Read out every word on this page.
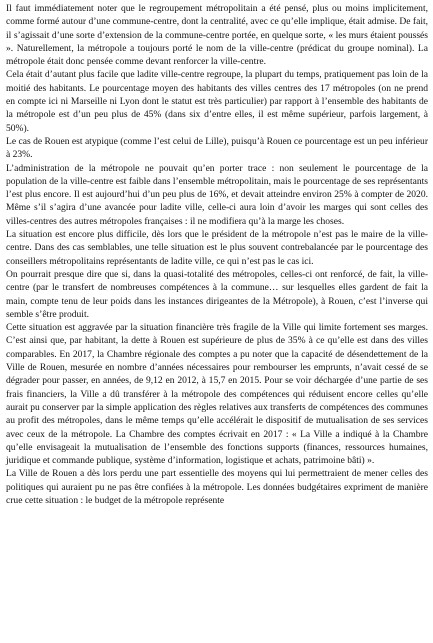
Il faut immédiatement noter que le regroupement métropolitain a été pensé, plus ou moins implicitement, comme formé autour d’une commune-centre, dont la centralité, avec ce qu’elle implique, était admise. De fait, il s’agissait d’une sorte d’extension de la commune-centre portée, en quelque sorte, « les murs étaient poussés ». Naturellement, la métropole a toujours porté le nom de la ville-centre (prédicat du groupe nominal). La métropole était donc pensée comme devant renforcer la ville-centre.

Cela était d’autant plus facile que ladite ville-centre regroupe, la plupart du temps, pratiquement pas loin de la moitié des habitants. Le pourcentage moyen des habitants des villes centres des 17 métropoles (on ne prend en compte ici ni Marseille ni Lyon dont le statut est très particulier) par rapport à l’ensemble des habitants de la métropole est d’un peu plus de 45% (dans six d’entre elles, il est même supérieur, parfois largement, à 50%).

Le cas de Rouen est atypique (comme l’est celui de Lille), puisqu’à Rouen ce pourcentage est un peu inférieur à 23%.

L’administration de la métropole ne pouvait qu’en porter trace : non seulement le pourcentage de la population de la ville-centre est faible dans l’ensemble métropolitain, mais le pourcentage de ses représentants l’est plus encore. Il est aujourd’hui d’un peu plus de 16%, et devait atteindre environ 25% à compter de 2020. Même s’il s’agira d’une avancée pour ladite ville, celle-ci aura loin d’avoir les marges qui sont celles des villes-centres des autres métropoles françaises : il ne modifiera qu’à la marge les choses.

La situation est encore plus difficile, dès lors que le président de la métropole n’est pas le maire de la ville-centre. Dans des cas semblables, une telle situation est le plus souvent contrebalancée par le pourcentage des conseillers métropolitains représentants de ladite ville, ce qui n’est pas le cas ici.

On pourrait presque dire que si, dans la quasi-totalité des métropoles, celles-ci ont renforcé, de fait, la ville-centre (par le transfert de nombreuses compétences à la commune… sur lesquelles elles gardent de fait la main, compte tenu de leur poids dans les instances dirigeantes de la Métropole), à Rouen, c’est l’inverse qui semble s’être produit.

Cette situation est aggravée par la situation financière très fragile de la Ville qui limite fortement ses marges. C’est ainsi que, par habitant, la dette à Rouen est supérieure de plus de 35% à ce qu’elle est dans des villes comparables. En 2017, la Chambre régionale des comptes a pu noter que la capacité de désendettement de la Ville de Rouen, mesurée en nombre d’années nécessaires pour rembourser les emprunts, n’avait cessé de se dégrader pour passer, en années, de 9,12 en 2012, à 15,7 en 2015. Pour se voir déchargée d’une partie de ses frais financiers, la Ville a dû transférer à la métropole des compétences qui réduisent encore celles qu’elle aurait pu conserver par la simple application des règles relatives aux transferts de compétences des communes au profit des métropoles, dans le même temps qu’elle accélérait le dispositif de mutualisation de ses services avec ceux de la métropole. La Chambre des comptes écrivait en 2017 : « La Ville a indiqué à la Chambre qu’elle envisageait la mutualisation de l’ensemble des fonctions supports (finances, ressources humaines, juridique et commande publique, système d’information, logistique et achats, patrimoine bâti) ».

La Ville de Rouen a dès lors perdu une part essentielle des moyens qui lui permettraient de mener celles des politiques qui auraient pu ne pas être confiées à la métropole. Les données budgétaires expriment de manière crue cette situation : le budget de la métropole représente
